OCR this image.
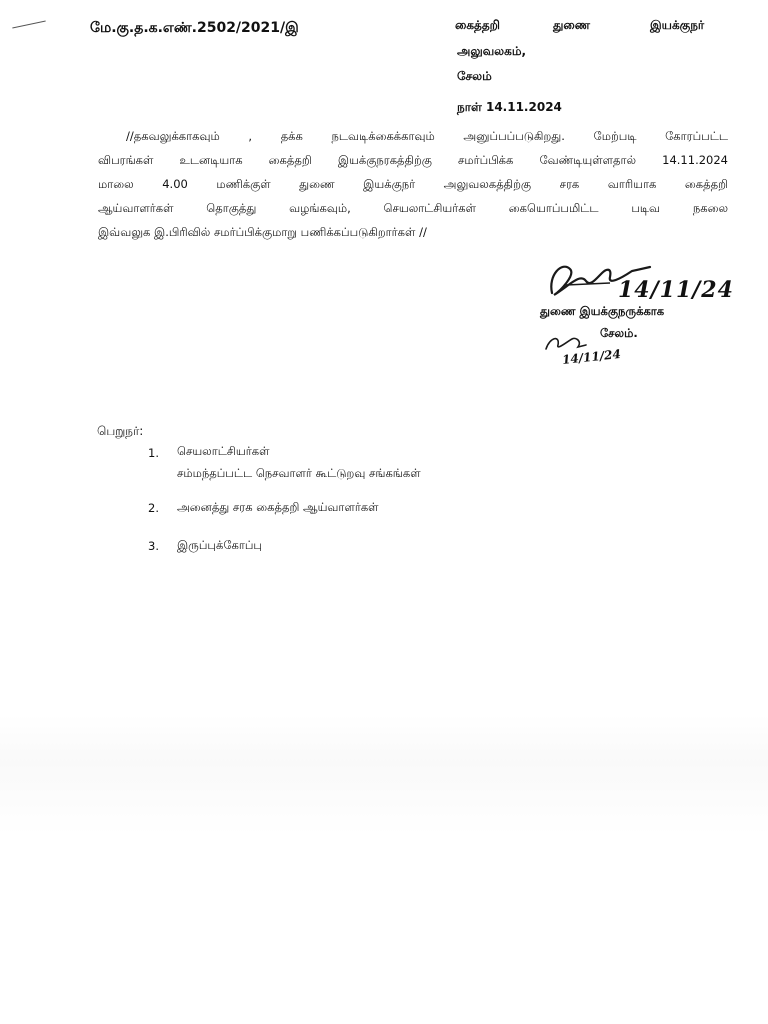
மே.கு.த.க.எண்.2502/2021/இ	கைத்தறி	துணை	இயக்குநர்
அலுவலகம்,
சேலம்
நாள் 14.11.2024
//தகவலுக்காகவும் , தக்க நடவடிக்கைக்காவும் அனுப்பப்படுகிறது. மேற்படி கோரப்பட்ட
விபரங்கள் உடனடியாக கைத்தறி இயக்குநரகத்திற்கு சமர்ப்பிக்க வேண்டியுள்ளதால் 14.11.2024
மாலை 4.00 மணிக்குள் துணை இயக்குநர் அலுவலகத்திற்கு சரக வாரியாக கைத்தறி
ஆய்வாளர்கள் தொகுத்து வழங்கவும், செயலாட்சியர்கள் கையொப்பமிட்ட படிவ நகலை
இவ்வலுக இ.பிரிவில் சமர்ப்பிக்குமாறு பணிக்கப்படுகிறார்கள் //
14/11/24
துணை இயக்குநருக்காக
சேலம்.
14/11/24
பெறுநர்:
1. செயலாட்சியர்கள்
சம்மந்தப்பட்ட நெசவாளர் கூட்டுறவு சங்கங்கள்
2. அனைத்து சரக கைத்தறி ஆய்வாளர்கள்
3. இருப்புக்கோப்பு
